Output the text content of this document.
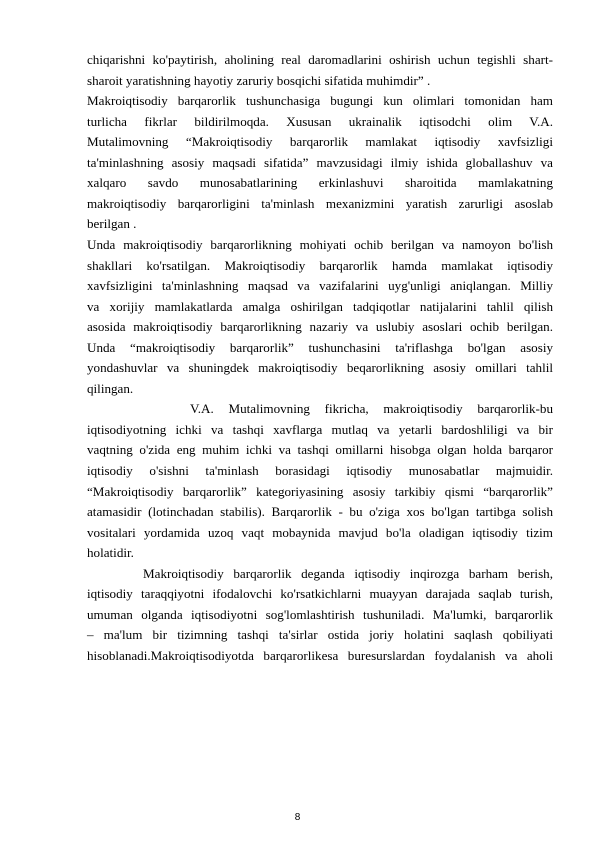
chiqarishni ko'paytirish, aholining real daromadlarini oshirish uchun tegishli shart-
sharoit yaratishning hayotiy zaruriy bosqichi sifatida muhimdir” .
Makroiqtisodiy barqarorlik tushunchasiga bugungi kun olimlari tomonidan ham
turlicha fikrlar bildirilmoqda. Xususan ukrainalik iqtisodchi olim V.A.
Mutalimovning “Makroiqtisodiy barqarorlik mamlakat iqtisodiy xavfsizligi
ta'minlashning asosiy maqsadi sifatida” mavzusidagi ilmiy ishida globallashuv va
xalqaro savdo munosabatlarining erkinlashuvi sharoitida mamlakatning
makroiqtisodiy barqarorligini ta'minlash mexanizmini yaratish zarurligi asoslab
berilgan .
Unda makroiqtisodiy barqarorlikning mohiyati ochib berilgan va namoyon bo'lish
shakllari ko'rsatilgan. Makroiqtisodiy barqarorlik hamda mamlakat iqtisodiy
xavfsizligini ta'minlashning maqsad va vazifalarini uyg'unligi aniqlangan. Milliy
va xorijiy mamlakatlarda amalga oshirilgan tadqiqotlar natijalarini tahlil qilish
asosida makroiqtisodiy barqarorlikning nazariy va uslubiy asoslari ochib berilgan.
Unda “makroiqtisodiy barqarorlik” tushunchasini ta'riflashga bo'lgan asosiy
yondashuvlar va shuningdek makroiqtisodiy beqarorlikning asosiy omillari tahlil
qilingan.
V.A. Mutalimovning fikricha, makroiqtisodiy barqarorlik-bu
iqtisodiyotning ichki va tashqi xavflarga mutlaq va yetarli bardoshliligi va bir
vaqtning o'zida eng muhim ichki va tashqi omillarni hisobga olgan holda barqaror
iqtisodiy o'sishni ta'minlash borasidagi iqtisodiy munosabatlar majmuidir.
“Makroiqtisodiy barqarorlik” kategoriyasining asosiy tarkibiy qismi “barqarorlik”
atamasidir (lotinchadan stabilis). Barqarorlik - bu o'ziga xos bo'lgan tartibga solish
vositalari yordamida uzoq vaqt mobaynida mavjud bo'la oladigan iqtisodiy tizim
holatidir.
Makroiqtisodiy barqarorlik deganda iqtisodiy inqirozga barham berish,
iqtisodiy taraqqiyotni ifodalovchi ko'rsatkichlarni muayyan darajada saqlab turish,
umuman olganda iqtisodiyotni sog'lomlashtirish tushuniladi. Ma'lumki, barqarorlik
– ma'lum bir tizimning tashqi ta'sirlar ostida joriy holatini saqlash qobiliyati
hisoblanadi.Makroiqtisodiyotda barqarorlikesa buresurslardan foydalanish va aholi
8
